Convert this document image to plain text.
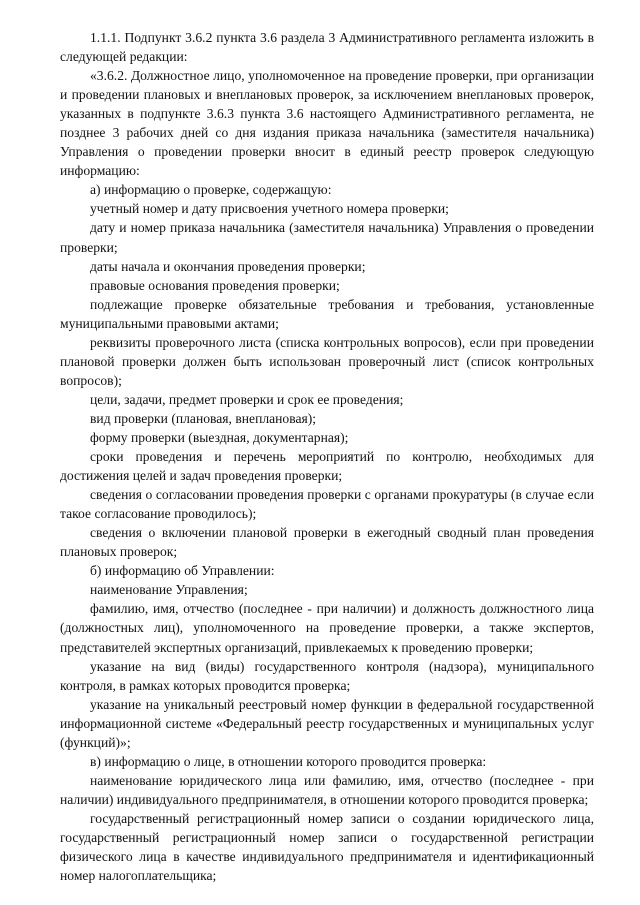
1.1.1. Подпункт 3.6.2 пункта 3.6 раздела 3 Административного регламента изложить в следующей редакции:

«3.6.2. Должностное лицо, уполномоченное на проведение проверки, при организации и проведении плановых и внеплановых проверок, за исключением внеплановых проверок, указанных в подпункте 3.6.3 пункта 3.6 настоящего Административного регламента, не позднее 3 рабочих дней со дня издания приказа начальника (заместителя начальника) Управления о проведении проверки вносит в единый реестр проверок следующую информацию:

а) информацию о проверке, содержащую:

учетный номер и дату присвоения учетного номера проверки;

дату и номер приказа начальника (заместителя начальника) Управления о проведении проверки;

даты начала и окончания проведения проверки;

правовые основания проведения проверки;

подлежащие проверке обязательные требования и требования, установленные муниципальными правовыми актами;

реквизиты проверочного листа (списка контрольных вопросов), если при проведении плановой проверки должен быть использован проверочный лист (список контрольных вопросов);

цели, задачи, предмет проверки и срок ее проведения;

вид проверки (плановая, внеплановая);

форму проверки (выездная, документарная);

сроки проведения и перечень мероприятий по контролю, необходимых для достижения целей и задач проведения проверки;

сведения о согласовании проведения проверки с органами прокуратуры (в случае если такое согласование проводилось);

сведения о включении плановой проверки в ежегодный сводный план проведения плановых проверок;

б) информацию об Управлении:

наименование Управления;

фамилию, имя, отчество (последнее - при наличии) и должность должностного лица (должностных лиц), уполномоченного на проведение проверки, а также экспертов, представителей экспертных организаций, привлекаемых к проведению проверки;

указание на вид (виды) государственного контроля (надзора), муниципального контроля, в рамках которых проводится проверка;

указание на уникальный реестровый номер функции в федеральной государственной информационной системе «Федеральный реестр государственных и муниципальных услуг (функций)»;

в) информацию о лице, в отношении которого проводится проверка:

наименование юридического лица или фамилию, имя, отчество (последнее - при наличии) индивидуального предпринимателя, в отношении которого проводится проверка;

государственный регистрационный номер записи о создании юридического лица, государственный регистрационный номер записи о государственной регистрации физического лица в качестве индивидуального предпринимателя и идентификационный номер налогоплательщика;
